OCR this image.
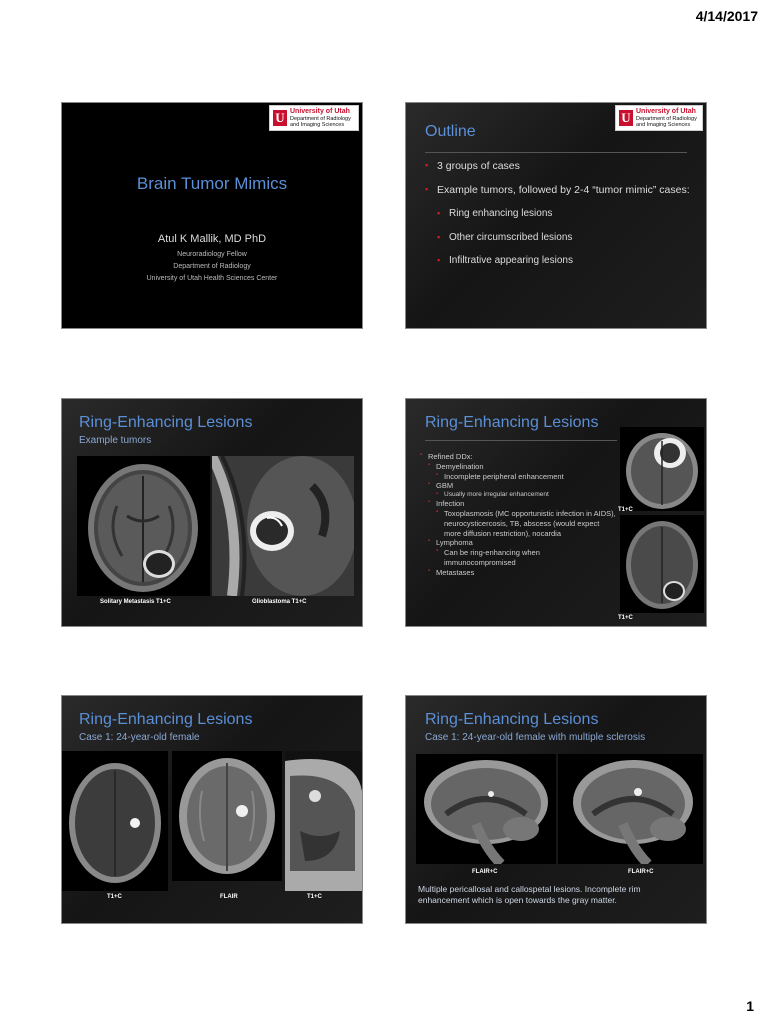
4/14/2017
U University of Utah
Department of Radiology
and Imaging Sciences
Brain Tumor Mimics
Atul K Mallik, MD PhD
Neuroradiology Fellow
Department of Radiology
University of Utah Health Sciences Center
U University of Utah
Department of Radiology
and Imaging Sciences
Outline
▪ 3 groups of cases
▪ Example tumors, followed by 2-4 “tumor mimic” cases:
▪ Ring enhancing lesions
▪ Other circumscribed lesions
▪ Infiltrative appearing lesions
Ring-Enhancing Lesions
Example tumors
Solitary Metastasis T1+C	Glioblastoma T1+C
Ring-Enhancing Lesions
▪ Refined DDx:
▪ Demyelination
▪ Incomplete peripheral enhancement
▪ GBM
▪ Usually more irregular enhancement
▪ Infection
▪ Toxoplasmosis (MC opportunistic infection in AIDS), neurocysticercosis, TB, abscess (would expect more diffusion restriction), nocardia
▪ Lymphoma
▪ Can be ring-enhancing when immunocompromised
▪ Metastases
T1+C
T1+C
Ring-Enhancing Lesions
Case 1: 24-year-old female
T1+C	FLAIR	T1+C
Ring-Enhancing Lesions
Case 1: 24-year-old female with multiple sclerosis
FLAIR+C	FLAIR+C
Multiple pericallosal and callospetal lesions. Incomplete rim enhancement which is open towards the gray matter.
1
